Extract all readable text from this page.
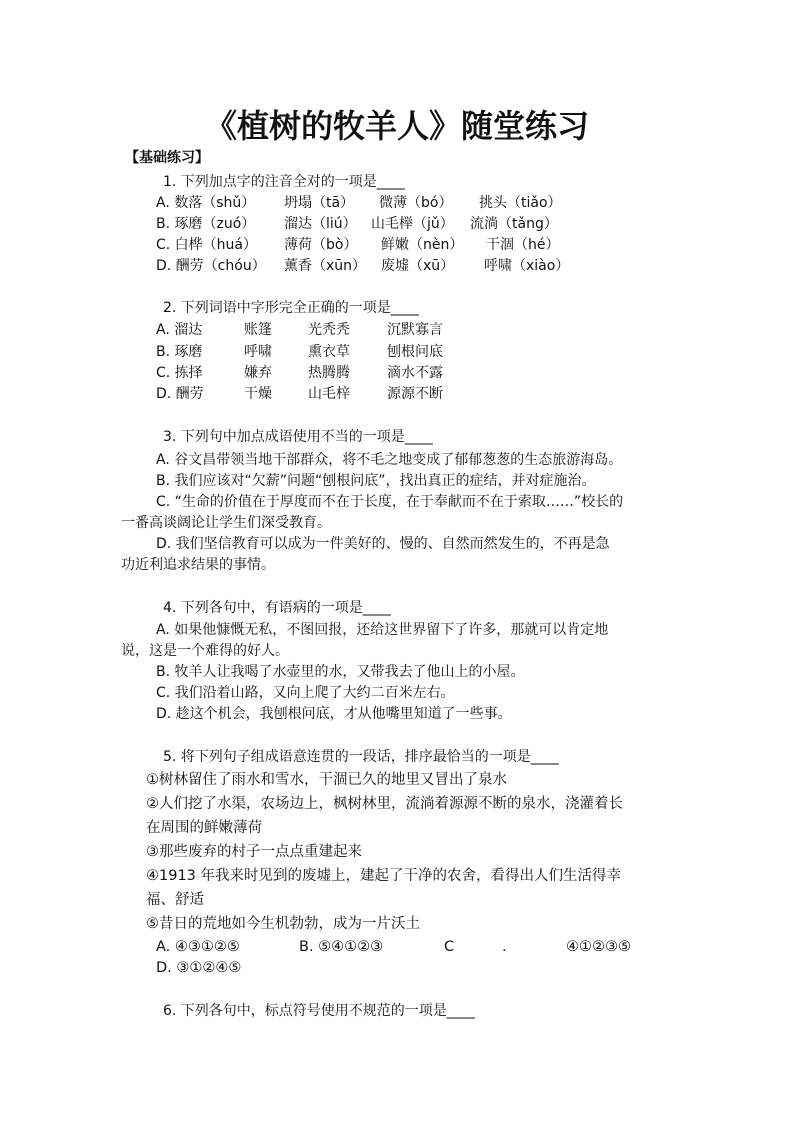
《植树的牧羊人》随堂练习
【基础练习】
1. 下列加点字的注音全对的一项是____
A. 数落（shǔ） 坍塌（tā） 微薄（bó） 挑头（tiǎo）
B. 琢磨（zuó） 溜达（liú） 山毛榉（jǔ） 流淌（tǎng）
C. 白桦（huá） 薄荷（bò） 鲜嫩（nèn） 干涸（hé）
D. 酬劳（chóu） 薰香（xūn） 废墟（xū） 呼啸（xiào）
2. 下列词语中字形完全正确的一项是____
A. 溜达	账篷	光秃秃	沉默寡言
B. 琢磨	呼啸	熏衣草	刨根问底
C. 拣择	嫌弃	热腾腾	滴水不露
D. 酬劳	干燥	山毛梓	源源不断
3. 下列句中加点成语使用不当的一项是____
A. 谷文昌带领当地干部群众，将不毛之地变成了郁郁葱葱的生态旅游海岛。
B. 我们应该对“欠薪”问题“刨根问底”，找出真正的症结，并对症施治。
C. “生命的价值在于厚度而不在于长度，在于奉献而不在于索取……”校长的
一番高谈阔论让学生们深受教育。
D. 我们坚信教育可以成为一件美好的、慢的、自然而然发生的，不再是急
功近利追求结果的事情。
4. 下列各句中，有语病的一项是____
A. 如果他慷慨无私，不图回报，还给这世界留下了许多，那就可以肯定地
说，这是一个难得的好人。
B. 牧羊人让我喝了水壶里的水，又带我去了他山上的小屋。
C. 我们沿着山路，又向上爬了大约二百米左右。
D. 趁这个机会，我刨根问底，才从他嘴里知道了一些事。
5. 将下列句子组成语意连贯的一段话，排序最恰当的一项是____
①树林留住了雨水和雪水，干涸已久的地里又冒出了泉水
②人们挖了水渠，农场边上，枫树林里，流淌着源源不断的泉水，浇灌着长
在周围的鲜嫩薄荷
③那些废弃的村子一点点重建起来
④1913 年我来时见到的废墟上，建起了干净的农舍，看得出人们生活得幸
福、舒适
⑤昔日的荒地如今生机勃勃，成为一片沃土
A. ④③①②⑤	B. ⑤④①②③	C	.	④①②③⑤
D. ③①②④⑤
6. 下列各句中，标点符号使用不规范的一项是____
